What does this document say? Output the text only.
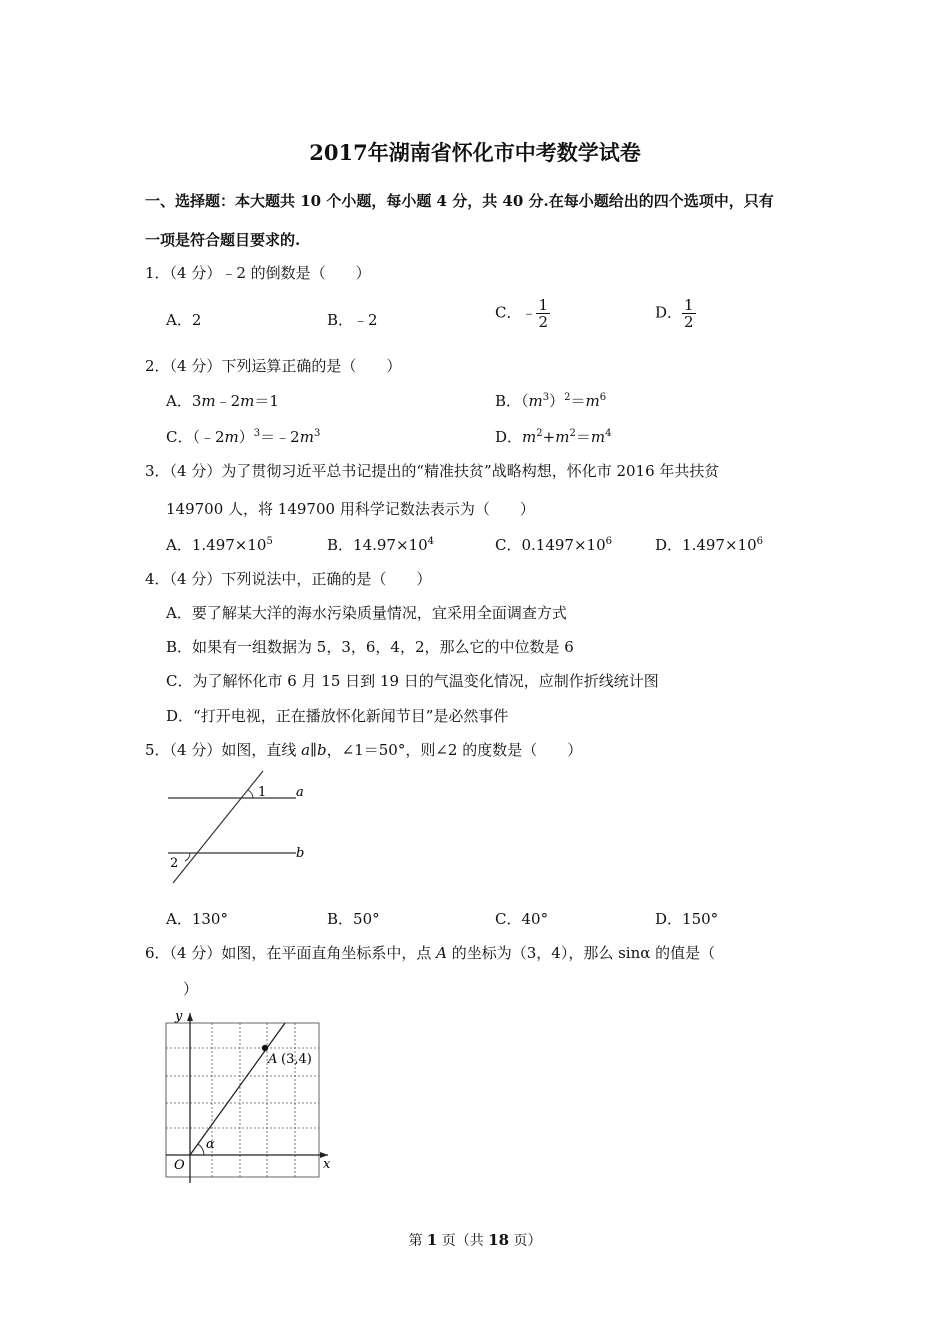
2017年湖南省怀化市中考数学试卷
一、选择题：本大题共 10 个小题，每小题 4 分，共 40 分.在每小题给出的四个选项中，只有
一项是符合题目要求的.
1．（4 分）﹣2 的倒数是（　　）
A．2	B．﹣2	C．﹣ $\frac{1}{2}$	D． $\frac{1}{2}$
2．（4 分）下列运算正确的是（　　）
A．3m﹣2m＝1	B．$(m^3)^2=m^6$
C．$(﹣2m)^3=﹣2m^3$	D．$m^2+m^2=m^4$
3．（4 分）为了贯彻习近平总书记提出的“精准扶贫”战略构想，怀化市 2016 年共扶贫
149700 人，将 149700 用科学记数法表示为（　　）
A．$1.497\times 10^5$	B．$14.97\times 10^4$	C．$0.1497\times 10^6$	D．$1.497\times 10^6$
4．（4 分）下列说法中，正确的是（　　）
A．要了解某大洋的海水污染质量情况，宜采用全面调查方式
B．如果有一组数据为 5，3，6，4，2，那么它的中位数是 6
C．为了解怀化市 6 月 15 日到 19 日的气温变化情况，应制作折线统计图
D．“打开电视，正在播放怀化新闻节目”是必然事件
5．（4 分）如图，直线 a∥b，∠1＝50°，则∠2 的度数是（　　）
1 a
2
b
A．130°	B．50°	C．40°	D．150°
6．（4 分）如图，在平面直角坐标系中，点 A 的坐标为（3，4），那么 sinα 的值是（
）
y
x
O
α
A (3,4)
第 1 页（共 18 页）
